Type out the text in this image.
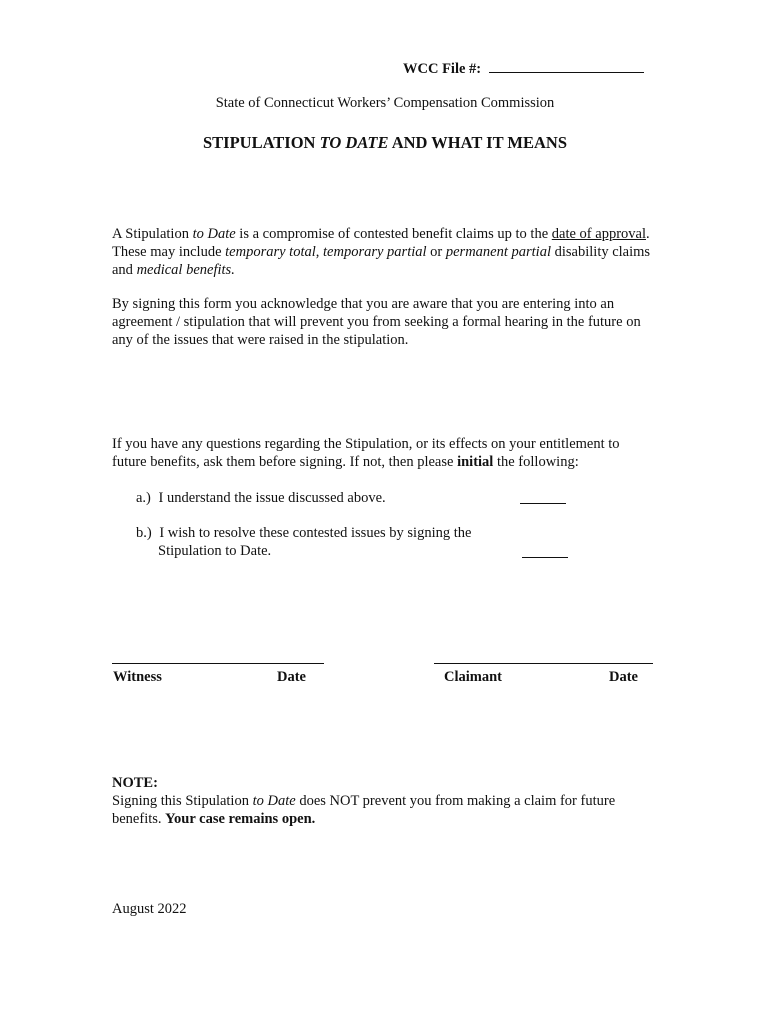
WCC File #:
State of Connecticut Workers’ Compensation Commission
STIPULATION TO DATE AND WHAT IT MEANS
A Stipulation to Date is a compromise of contested benefit claims up to the date of approval. These may include temporary total, temporary partial or permanent partial disability claims and medical benefits.
By signing this form you acknowledge that you are aware that you are entering into an agreement / stipulation that will prevent you from seeking a formal hearing in the future on any of the issues that were raised in the stipulation.
If you have any questions regarding the Stipulation, or its effects on your entitlement to future benefits, ask them before signing. If not, then please initial the following:
a.) I understand the issue discussed above.
b.) I wish to resolve these contested issues by signing the
Stipulation to Date.
Witness	Date	Claimant	Date
NOTE:
Signing this Stipulation to Date does NOT prevent you from making a claim for future benefits. Your case remains open.
August 2022
